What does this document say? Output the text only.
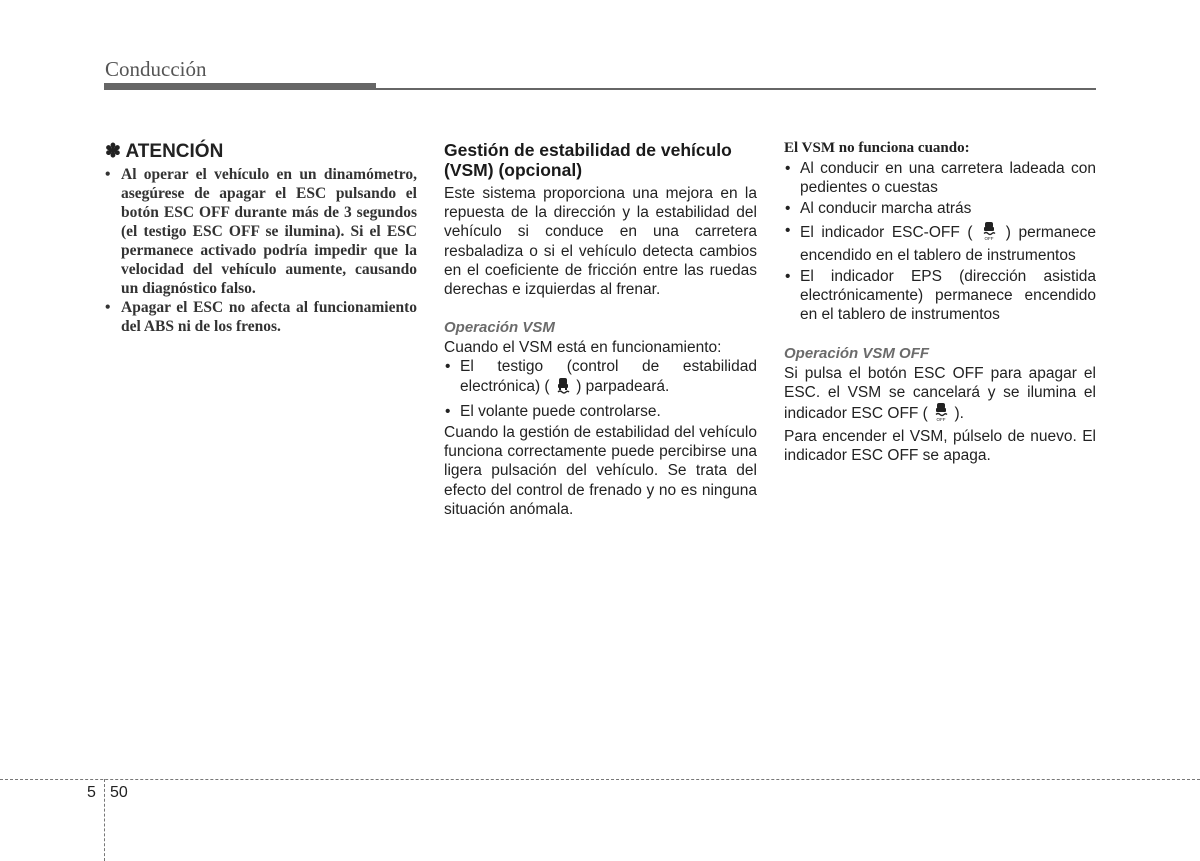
Conducción
✽ ATENCIÓN
• Al operar el vehículo en un dinamómetro, asegúrese de apagar el ESC pulsando el botón ESC OFF durante más de 3 segundos (el testigo ESC OFF se ilumina). Si el ESC permanece activado podría impedir que la velocidad del vehículo aumente, causando un diagnóstico falso.
• Apagar el ESC no afecta al funcionamiento del ABS ni de los frenos.
Gestión de estabilidad de vehículo (VSM) (opcional)

Este sistema proporciona una mejora en la repuesta de la dirección y la estabilidad del vehículo si conduce en una carretera resbaladiza o si el vehículo detecta cambios en el coeficiente de fricción entre las ruedas derechas e izquierdas al frenar.

Operación VSM

Cuando el VSM está en funcionamiento:

• El testigo (control de estabilidad electrónica) ( ) parpadeará.
• El volante puede controlarse.

Cuando la gestión de estabilidad del vehículo funciona correctamente puede percibirse una ligera pulsación del vehículo. Se trata del efecto del control de frenado y no es ninguna situación anómala.

El VSM no funciona cuando:
• Al conducir en una carretera ladeada con pedientes o cuestas
• Al conducir marcha atrás
• El indicador ESC-OFF (	OFF ) permanece encendido en el tablero de instrumentos
• El indicador EPS (dirección asistida electrónicamente) permanece encendido en el tablero de instrumentos
Operación VSM OFF

Si pulsa el botón ESC OFF para apagar el ESC. el VSM se cancelará y se ilumina el indicador ESC OFF ( OFF ).

Para encender el VSM, púlselo de nuevo. El indicador ESC OFF se apaga.

5 50
